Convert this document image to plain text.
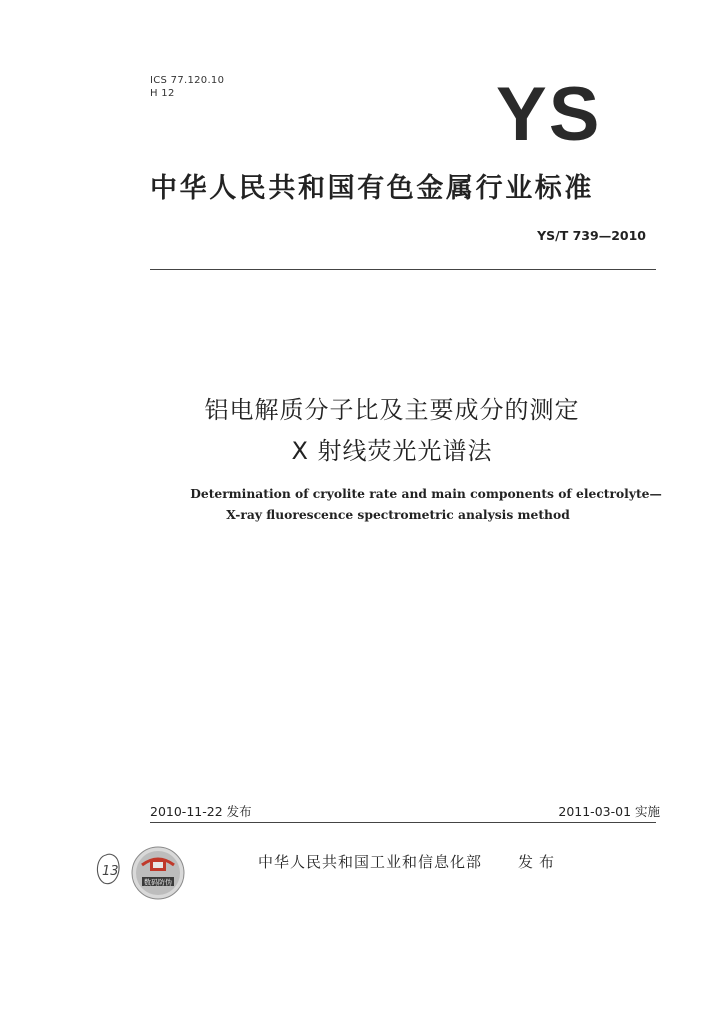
ICS 77.120.10
H 12	YS
中华人民共和国有色金属行业标准
YS/T 739—2010
铝电解质分子比及主要成分的测定
X 射线荧光光谱法
Determination of cryolite rate and main components of electrolyte—
X-ray fluorescence spectrometric analysis method
2010-11-22 发布	2011-03-01 实施
13
数码防伪
中华人民共和国工业和信息化部 发布
